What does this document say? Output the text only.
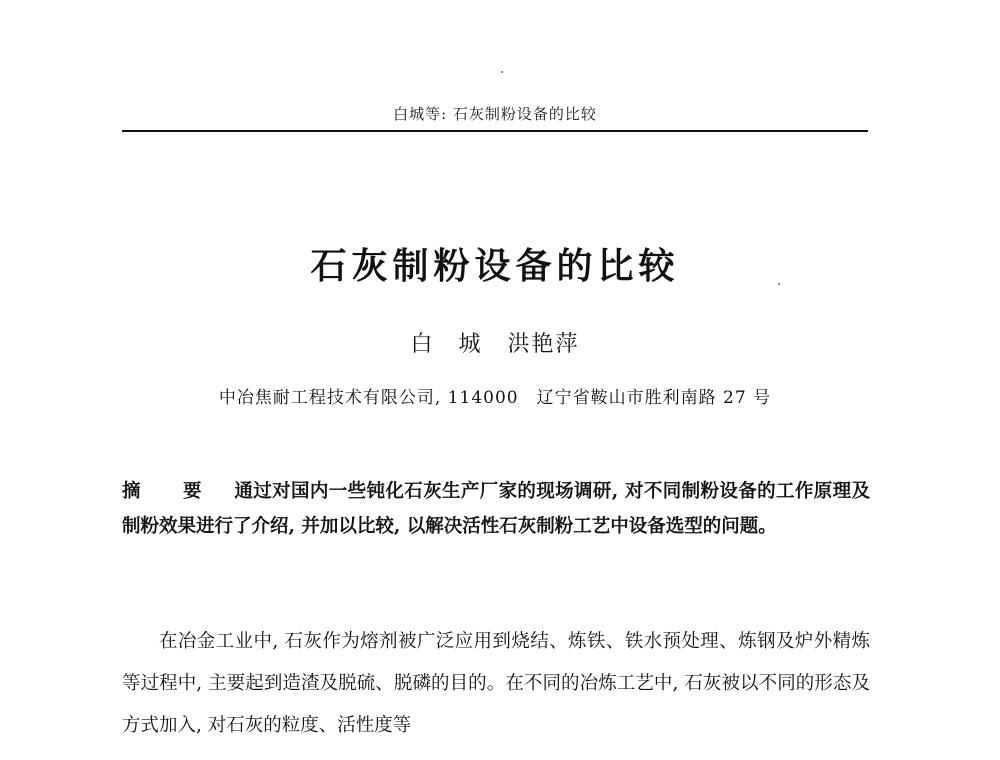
白城等: 石灰制粉设备的比较
石灰制粉设备的比较
白　城 洪艳萍
中冶焦耐工程技术有限公司, 114000　辽宁省鞍山市胜利南路 27 号
摘 要 通过对国内一些钝化石灰生产厂家的现场调研, 对不同制粉设备的工作原理及制粉效果进行了介绍, 并加以比较, 以解决活性石灰制粉工艺中设备选型的问题。
在冶金工业中, 石灰作为熔剂被广泛应用到烧结、炼铁、铁水预处理、炼钢及炉外精炼等过程中, 主要起到造渣及脱硫、脱磷的目的。在不同的冶炼工艺中, 石灰被以不同的形态及方式加入, 对石灰的粒度、活性度等
